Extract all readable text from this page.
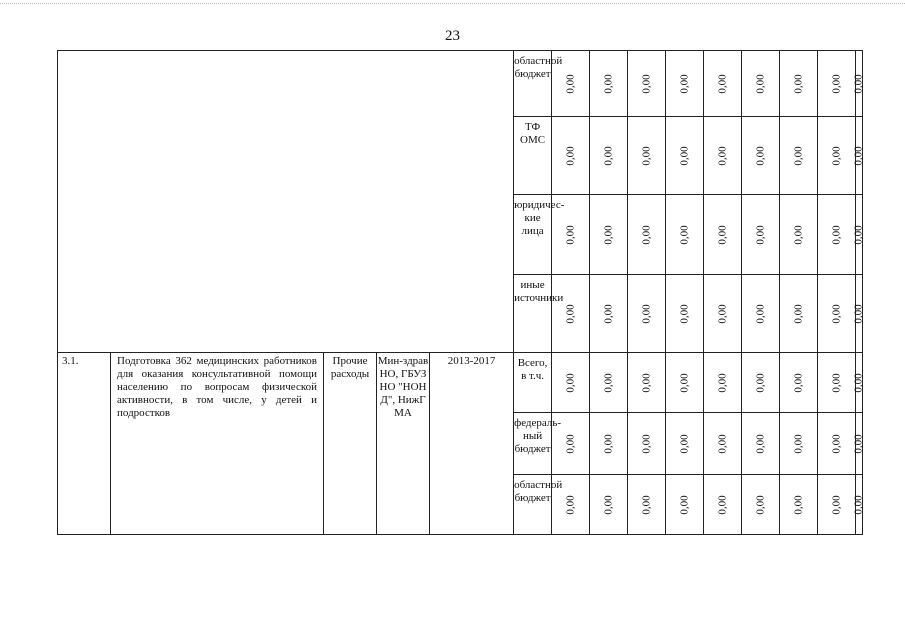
23
					областной бюджет	0,00	0,00	0,00	0,00	0,00	0,00	0,00	0,00	0,00

					ТФ ОМС	0,00	0,00	0,00	0,00	0,00	0,00	0,00	0,00	0,00

					юридичес-кие лица	0,00	0,00	0,00	0,00	0,00	0,00	0,00	0,00	0,00

					иные источники	0,00	0,00	0,00	0,00	0,00	0,00	0,00	0,00	0,00

3.1.	Подготовка 362 медицинских работников для оказания консультативной помощи населению по вопросам физической активности, в том числе, у детей и подростков	Прочие расходы	Мин-здрав НО, ГБУЗ НО "НОН Д", НижГ МА	2013-2017	Всего, в т.ч.	0,00	0,00	0,00	0,00	0,00	0,00	0,00	0,00	0,00

					федераль-ный бюджет	0,00	0,00	0,00	0,00	0,00	0,00	0,00	0,00	0,00

					областной бюджет	0,00	0,00	0,00	0,00	0,00	0,00	0,00	0,00	0,00
